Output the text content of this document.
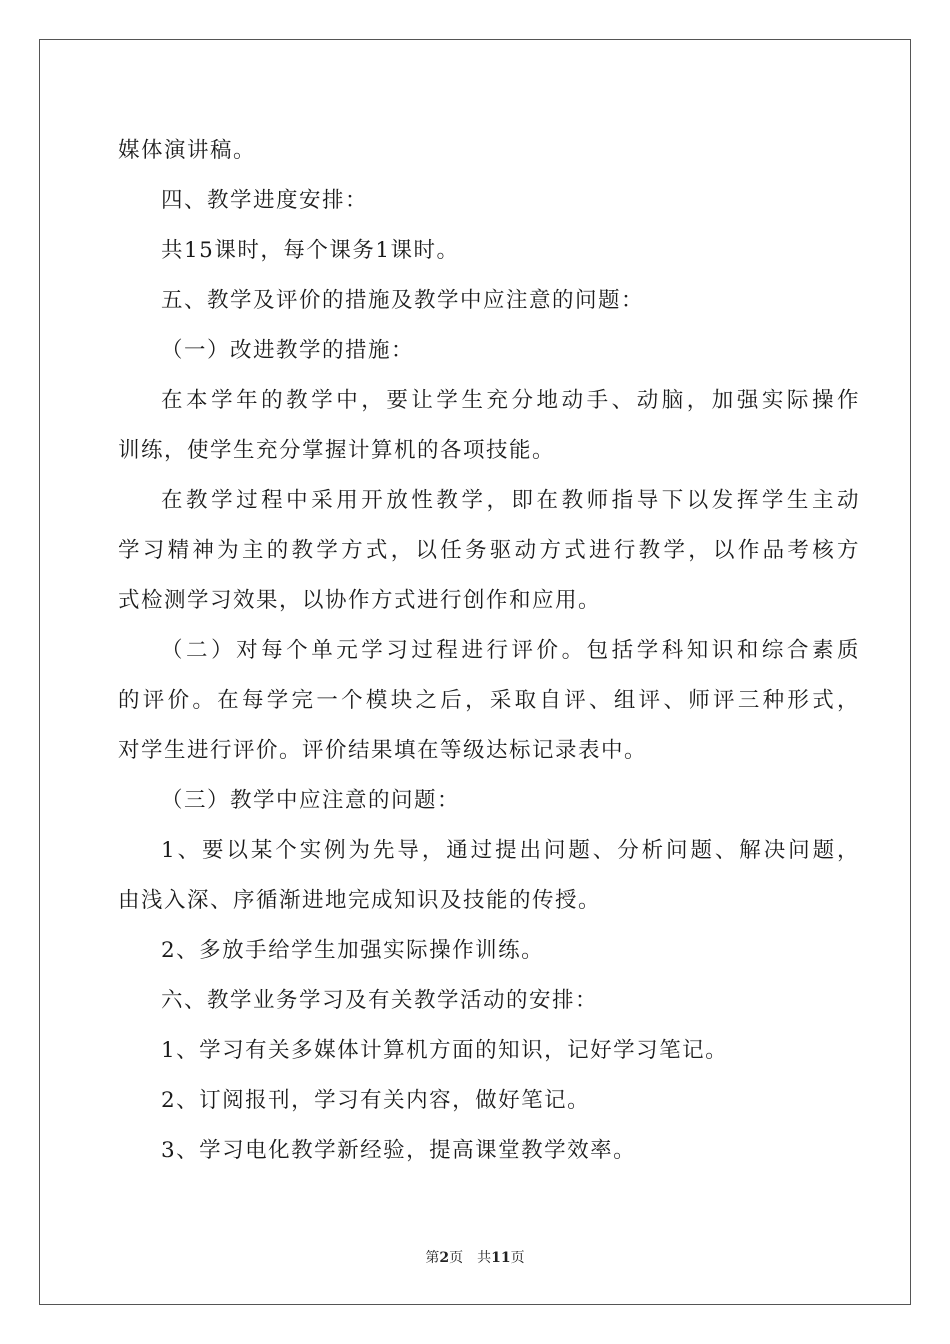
媒体演讲稿。
四、教学进度安排：
共15课时，每个课务1课时。
五、教学及评价的措施及教学中应注意的问题：
（一）改进教学的措施：
在本学年的教学中，要让学生充分地动手、动脑，加强实际操作
训练，使学生充分掌握计算机的各项技能。
在教学过程中采用开放性教学，即在教师指导下以发挥学生主动
学习精神为主的教学方式，以任务驱动方式进行教学，以作品考核方
式检测学习效果，以协作方式进行创作和应用。
（二）对每个单元学习过程进行评价。包括学科知识和综合素质
的评价。在每学完一个模块之后，采取自评、组评、师评三种形式，
对学生进行评价。评价结果填在等级达标记录表中。
（三）教学中应注意的问题：
1、要以某个实例为先导，通过提出问题、分析问题、解决问题，
由浅入深、序循渐进地完成知识及技能的传授。
2、多放手给学生加强实际操作训练。
六、教学业务学习及有关教学活动的安排：
1、学习有关多媒体计算机方面的知识，记好学习笔记。
2、订阅报刊，学习有关内容，做好笔记。
3、学习电化教学新经验，提高课堂教学效率。
第2页　共11页
